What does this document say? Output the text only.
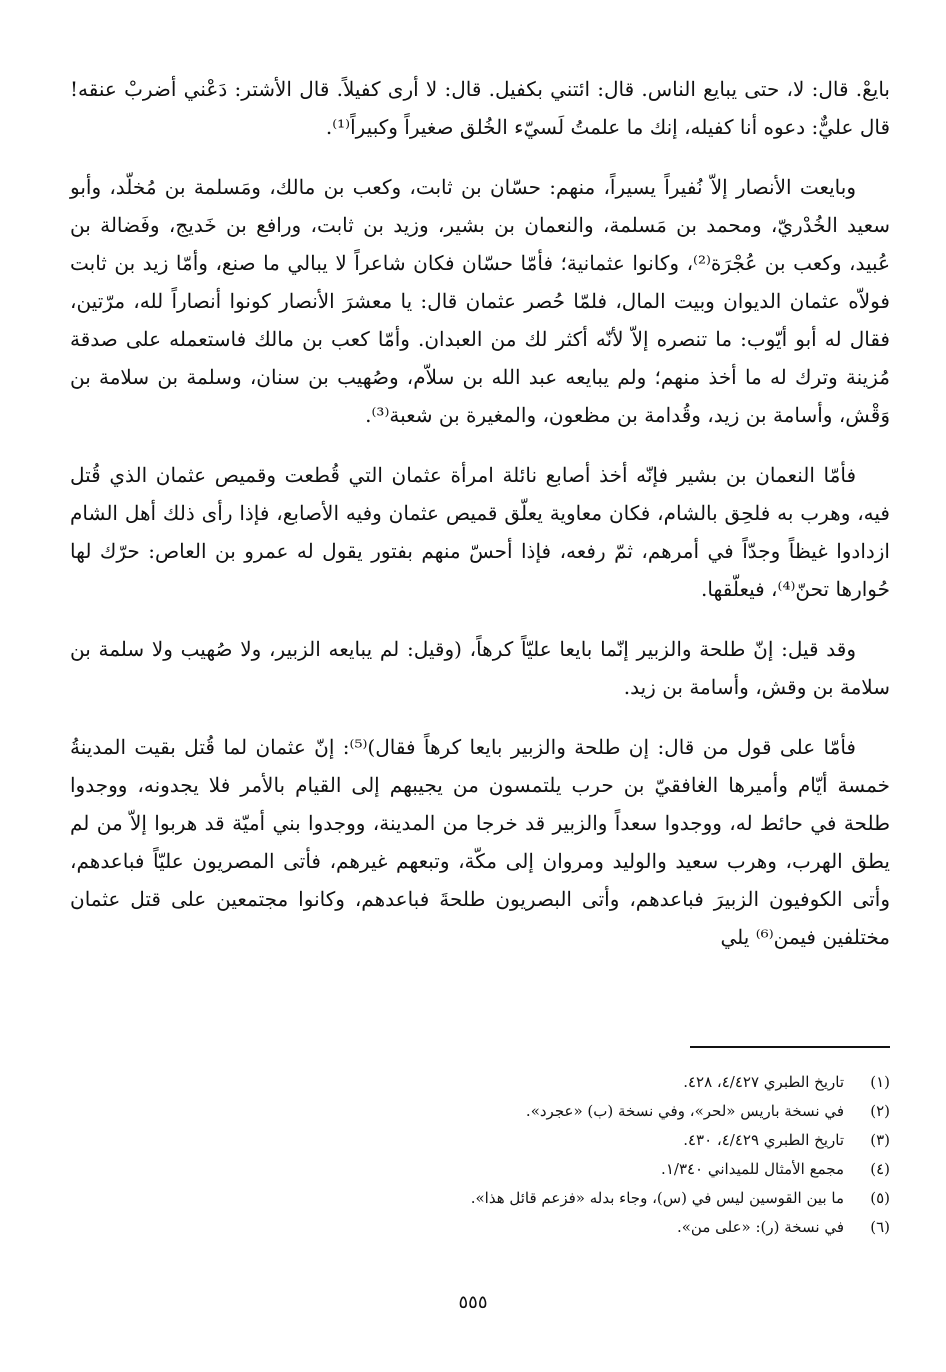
بايعْ. قال: لا، حتى يبايع الناس. قال: ائتني بكفيل. قال: لا أرى كفيلاً. قال الأشتر: دَعْني أضربْ عنقه! قال عليٌّ: دعوه أنا كفيله، إنك ما علمتُ لَسيّء الخُلق صغيراً وكبيراً⁽¹⁾.

وبايعت الأنصار إلاّ نُفيراً يسيراً، منهم: حسّان بن ثابت، وكعب بن مالك، ومَسلمة بن مُخلّد، وأبو سعيد الخُدْريّ، ومحمد بن مَسلمة، والنعمان بن بشير، وزيد بن ثابت، ورافع بن خَديج، وفَضالة بن عُبيد، وكعب بن عُجْرَة⁽²⁾، وكانوا عثمانية؛ فأمّا حسّان فكان شاعراً لا يبالي ما صنع، وأمّا زيد بن ثابت فولاّه عثمان الديوان وبيت المال، فلمّا حُصر عثمان قال: يا معشرَ الأنصار كونوا أنصاراً لله، مرّتين، فقال له أبو أيّوب: ما تنصره إلاّ لأنّه أكثر لك من العبدان. وأمّا كعب بن مالك فاستعمله على صدقة مُزينة وترك له ما أخذ منهم؛ ولم يبايعه عبد الله بن سلاّم، وصُهيب بن سنان، وسلمة بن سلامة بن وَقْش، وأسامة بن زيد، وقُدامة بن مظعون، والمغيرة بن شعبة⁽³⁾.

فأمّا النعمان بن بشير فإنّه أخذ أصابع نائلة امرأة عثمان التي قُطعت وقميص عثمان الذي قُتل فيه، وهرب به فلحِق بالشام، فكان معاوية يعلّق قميص عثمان وفيه الأصابع، فإذا رأى ذلك أهل الشام ازدادوا غيظاً وجدّاً في أمرهم، ثمّ رفعه، فإذا أحسّ منهم بفتور يقول له عمرو بن العاص: حرّك لها حُوارها تحنّ⁽⁴⁾، فيعلّقها.

وقد قيل: إنّ طلحة والزبير إنّما بايعا عليّاً كرهاً، (وقيل: لم يبايعه الزبير، ولا صُهيب ولا سلمة بن سلامة بن وقش، وأسامة بن زيد.

فأمّا على قول من قال: إن طلحة والزبير بايعا كرهاً فقال)⁽⁵⁾: إنّ عثمان لما قُتل بقيت المدينةُ خمسة أيّام وأميرها الغافقيّ بن حرب يلتمسون من يجيبهم إلى القيام بالأمر فلا يجدونه، ووجدوا طلحة في حائط له، ووجدوا سعداً والزبير قد خرجا من المدينة، ووجدوا بني أميّة قد هربوا إلاّ من لم يطق الهرب، وهرب سعيد والوليد ومروان إلى مكّة، وتبعهم غيرهم، فأتى المصريون عليّاً فباعدهم، وأتى الكوفيون الزبيرَ فباعدهم، وأتى البصريون طلحةَ فباعدهم، وكانوا مجتمعين على قتل عثمان مختلفين فيمن⁽⁶⁾ يلي

(١)
تاريخ الطبري ٤/٤٢٧، ٤٢٨.
(٢)
في نسخة باريس «لحر»، وفي نسخة (ب) «عجرد».
(٣)
تاريخ الطبري ٤/٤٢٩، ٤٣٠.
(٤)
مجمع الأمثال للميداني ١/٣٤٠.
(٥)
ما بين القوسين ليس في (س)، وجاء بدله «فزعم قائل هذا».
(٦)
في نسخة (ر): «على من».
٥٥٥
